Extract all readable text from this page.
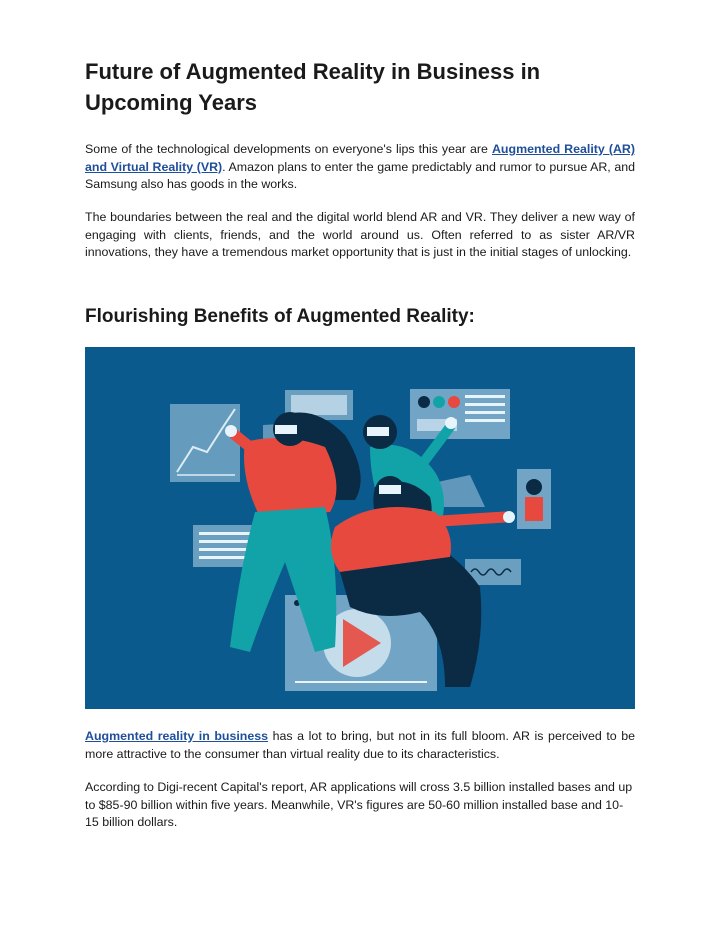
Future of Augmented Reality in Business in Upcoming Years

Some of the technological developments on everyone's lips this year are Augmented Reality (AR) and Virtual Reality (VR). Amazon plans to enter the game predictably and rumor to pursue AR, and Samsung also has goods in the works.

The boundaries between the real and the digital world blend AR and VR. They deliver a new way of engaging with clients, friends, and the world around us. Often referred to as sister AR/VR innovations, they have a tremendous market opportunity that is just in the initial stages of unlocking.

Flourishing Benefits of Augmented Reality:

Augmented reality in business has a lot to bring, but not in its full bloom. AR is perceived to be more attractive to the consumer than virtual reality due to its characteristics.

According to Digi-recent Capital's report, AR applications will cross 3.5 billion installed bases and up to $85-90 billion within five years. Meanwhile, VR's figures are 50-60 million installed base and 10-15 billion dollars.
